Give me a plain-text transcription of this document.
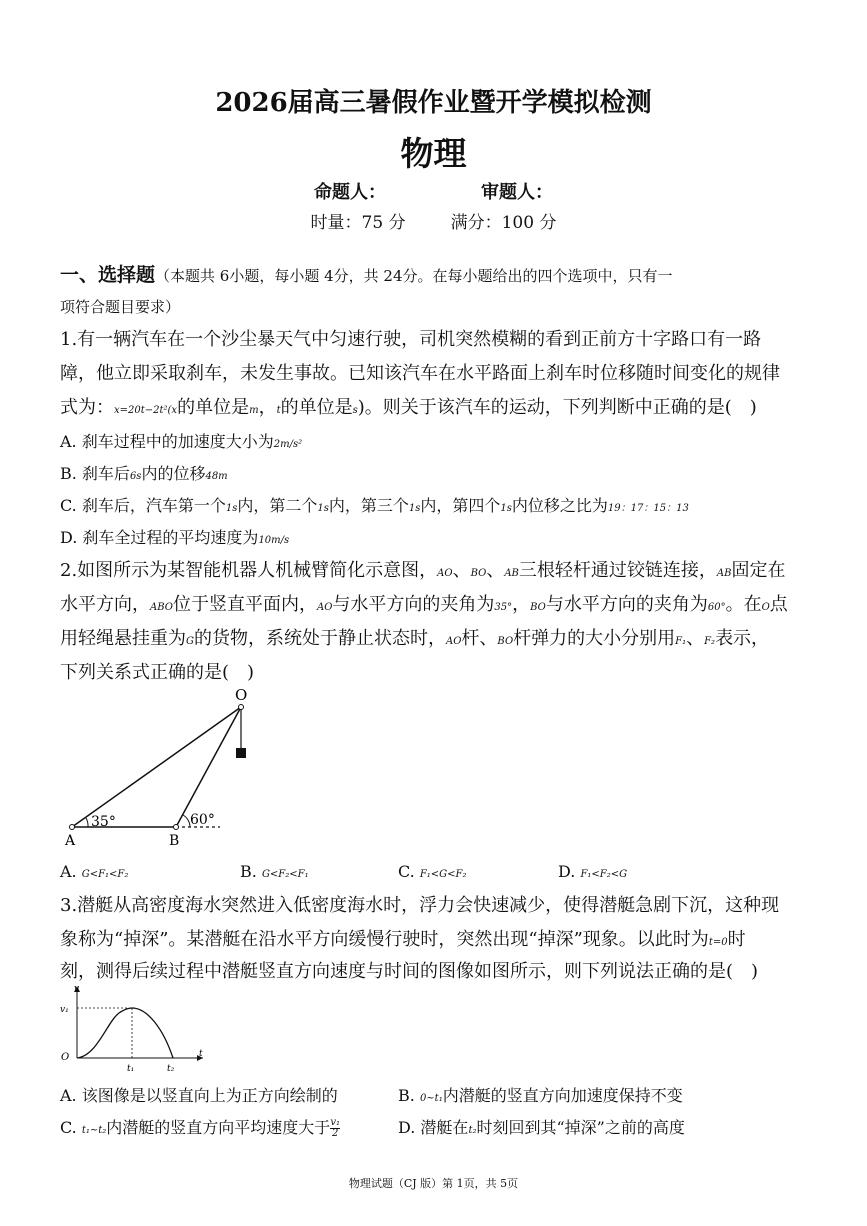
2026届高三暑假作业暨开学模拟检测
物理
命题人：	审题人：
时量：75 分	满分：100 分
一、选择题（本题共 6小题，每小题 4分，共 24分。在每小题给出的四个选项中，只有一
项符合题目要求）
1.有一辆汽车在一个沙尘暴天气中匀速行驶，司机突然模糊的看到正前方十字路口有一路
障，他立即采取刹车，未发生事故。已知该汽车在水平路面上刹车时位移随时间变化的规律
式为：x=20t−2t²(x的单位是m，t的单位是s)。则关于该汽车的运动，下列判断中正确的是(　)
A. 刹车过程中的加速度大小为2m/s²
B. 刹车后6s内的位移48m
C. 刹车后，汽车第一个1s内，第二个1s内，第三个1s内，第四个1s内位移之比为19：17：15：13
D. 刹车全过程的平均速度为10m/s
2.如图所示为某智能机器人机械臂简化示意图，AO、BO、AB三根轻杆通过铰链连接，AB固定在
水平方向，ABO位于竖直平面内，AO与水平方向的夹角为35°，BO与水平方向的夹角为60°。在O点
用轻绳悬挂重为G的货物，系统处于静止状态时，AO杆、BO杆弹力的大小分别用F₁、F₂表示，
下列关系式正确的是(　)
O
A	B
35°	60°
A. G<F₁<F₂	B. G<F₂<F₁	C. F₁<G<F₂	D. F₁<F₂<G
3.潜艇从高密度海水突然进入低密度海水时，浮力会快速减少，使得潜艇急剧下沉，这种现
象称为“掉深”。某潜艇在沿水平方向缓慢行驶时，突然出现“掉深”现象。以此时为t=0时
刻，测得后续过程中潜艇竖直方向速度与时间的图像如图所示，则下列说法正确的是(　)
v
v₁
O
t₁	t₂
t
A. 该图像是以竖直向上为正方向绘制的	B. 0~t₁内潜艇的竖直方向加速度保持不变
C. t₁~t₂内潜艇的竖直方向平均速度大于 $\frac{\text{v₁}}{2}$	D. 潜艇在t₂时刻回到其“掉深”之前的高度
物理试题（CJ 版）第 1页，共 5页
